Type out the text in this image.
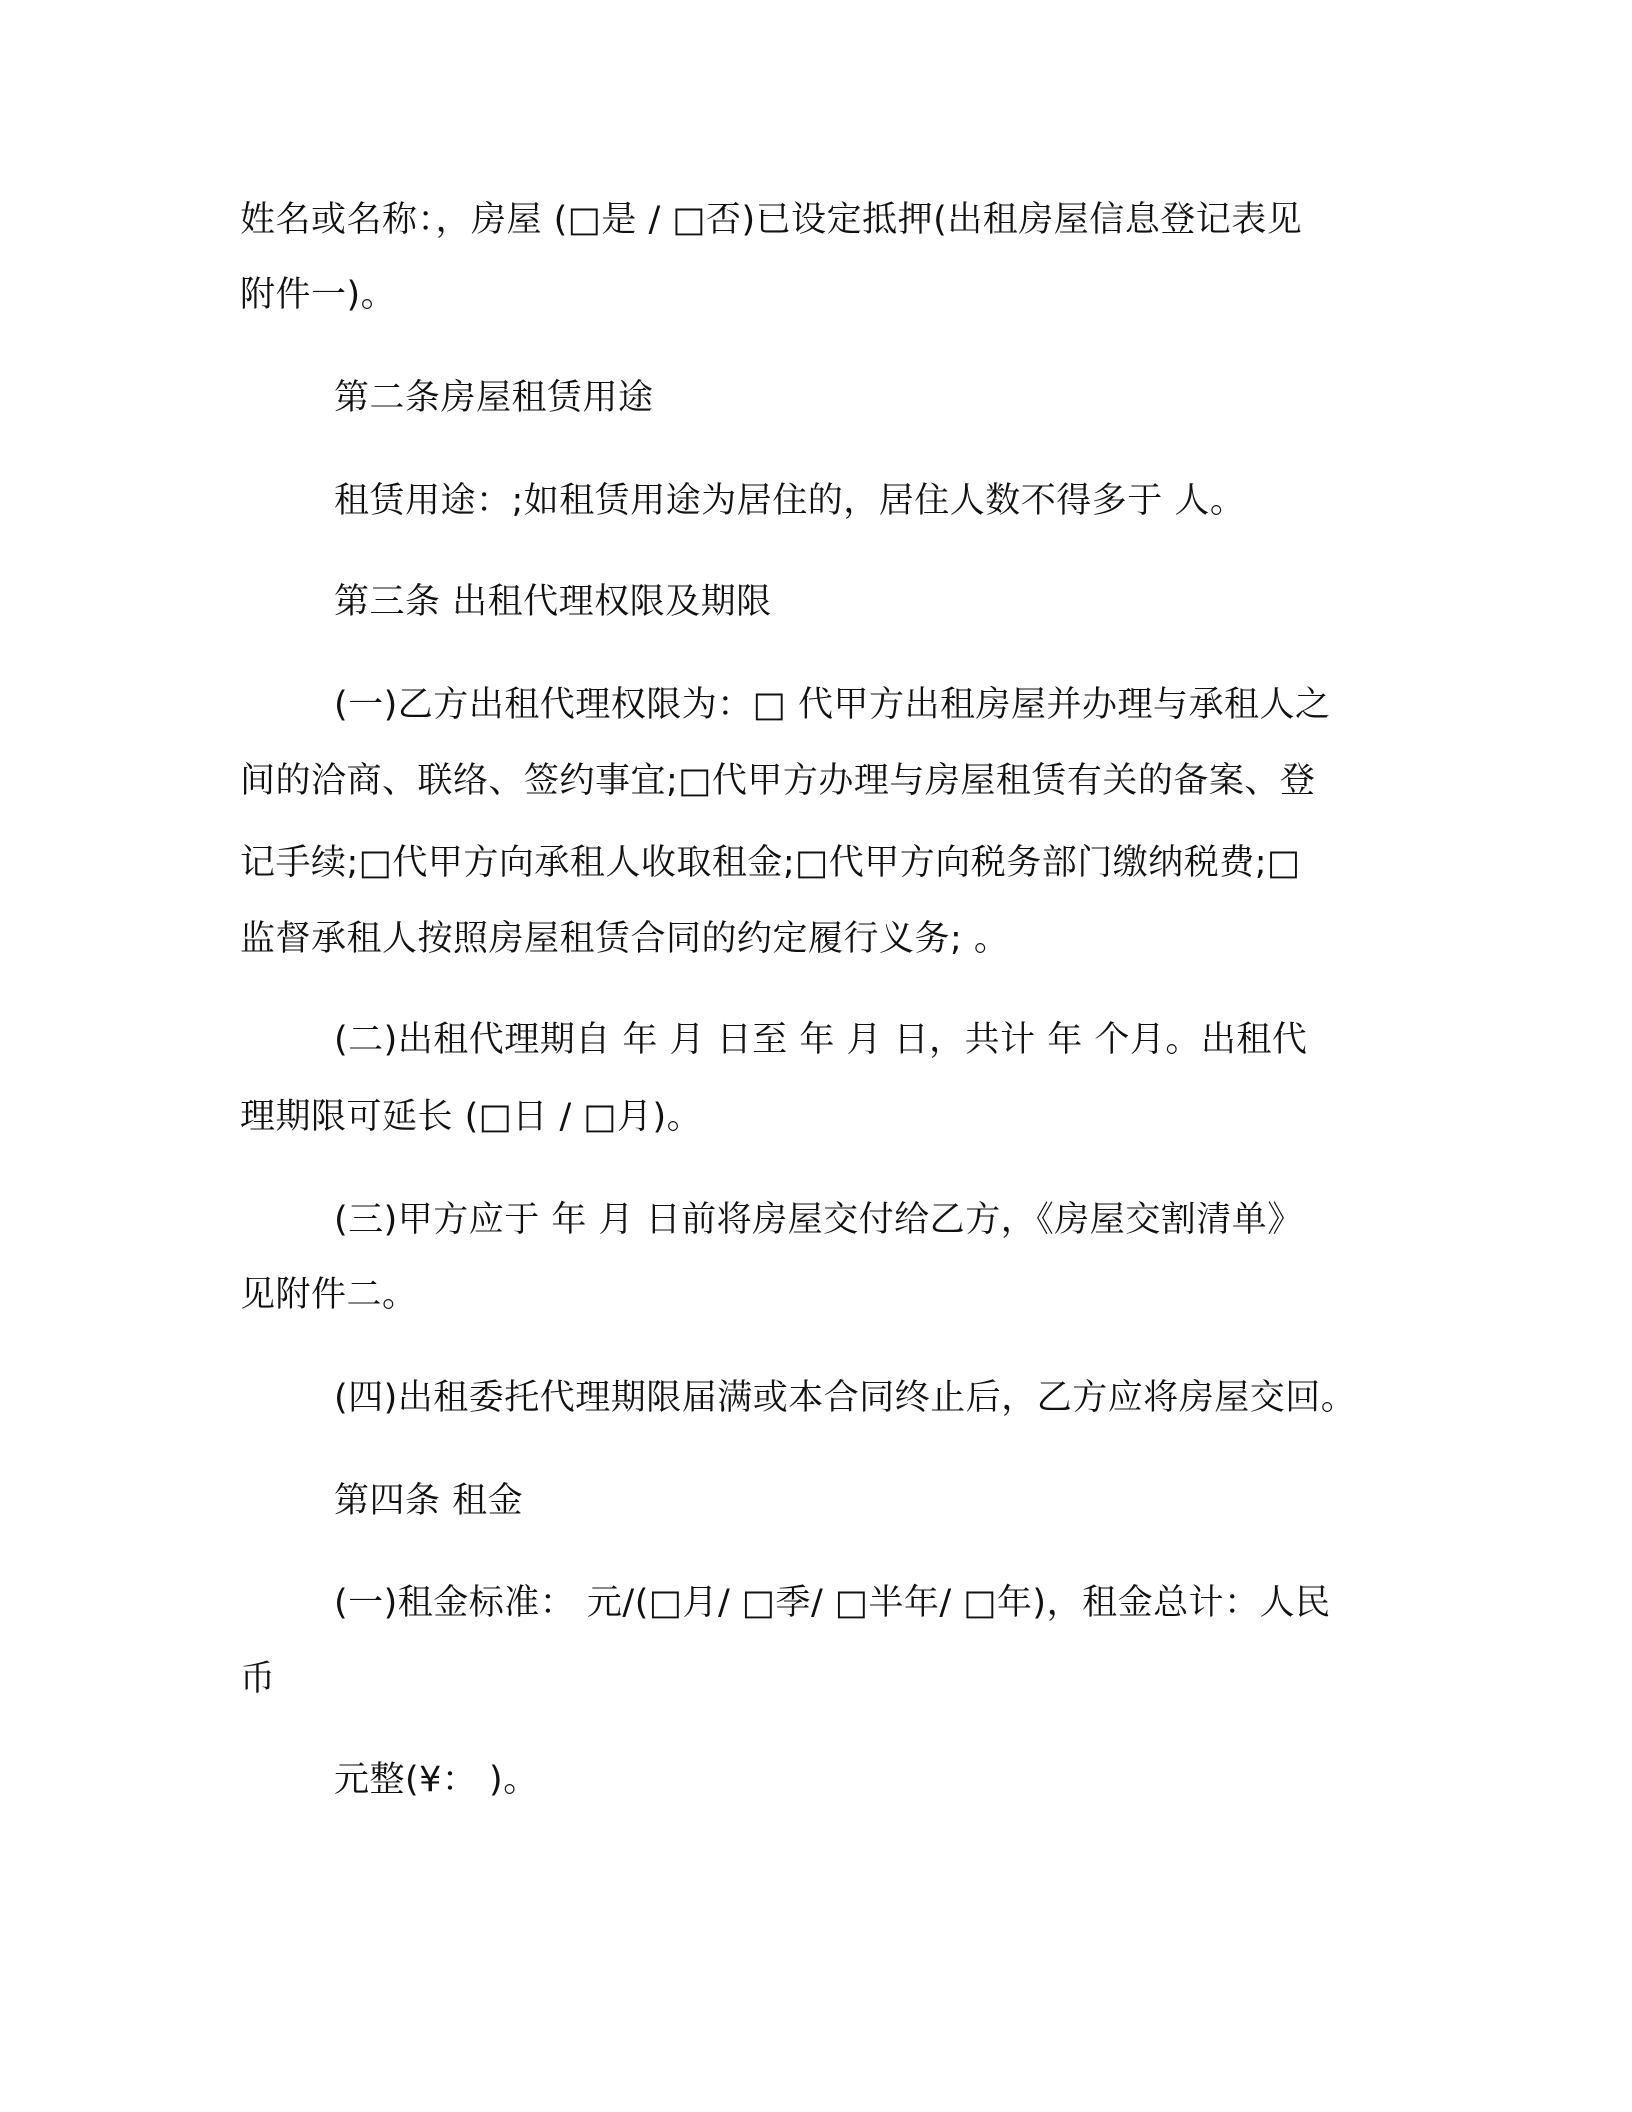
姓名或名称：，房屋 (□是 / □否)已设定抵押(出租房屋信息登记表见
附件一)。
第二条房屋租赁用途
租赁用途：;如租赁用途为居住的，居住人数不得多于 人。
第三条 出租代理权限及期限
(一)乙方出租代理权限为：□ 代甲方出租房屋并办理与承租人之
间的洽商、联络、签约事宜;□代甲方办理与房屋租赁有关的备案、登
记手续;□代甲方向承租人收取租金;□代甲方向税务部门缴纳税费;□
监督承租人按照房屋租赁合同的约定履行义务; 。
(二)出租代理期自 年 月 日至 年 月 日，共计 年 个月。出租代
理期限可延长 (□日 / □月)。
(三)甲方应于 年 月 日前将房屋交付给乙方，《房屋交割清单》
见附件二。
(四)出租委托代理期限届满或本合同终止后，乙方应将房屋交回。
第四条 租金
(一)租金标准： 元/(□月/ □季/ □半年/ □年)，租金总计：人民
币
元整(¥： )。
